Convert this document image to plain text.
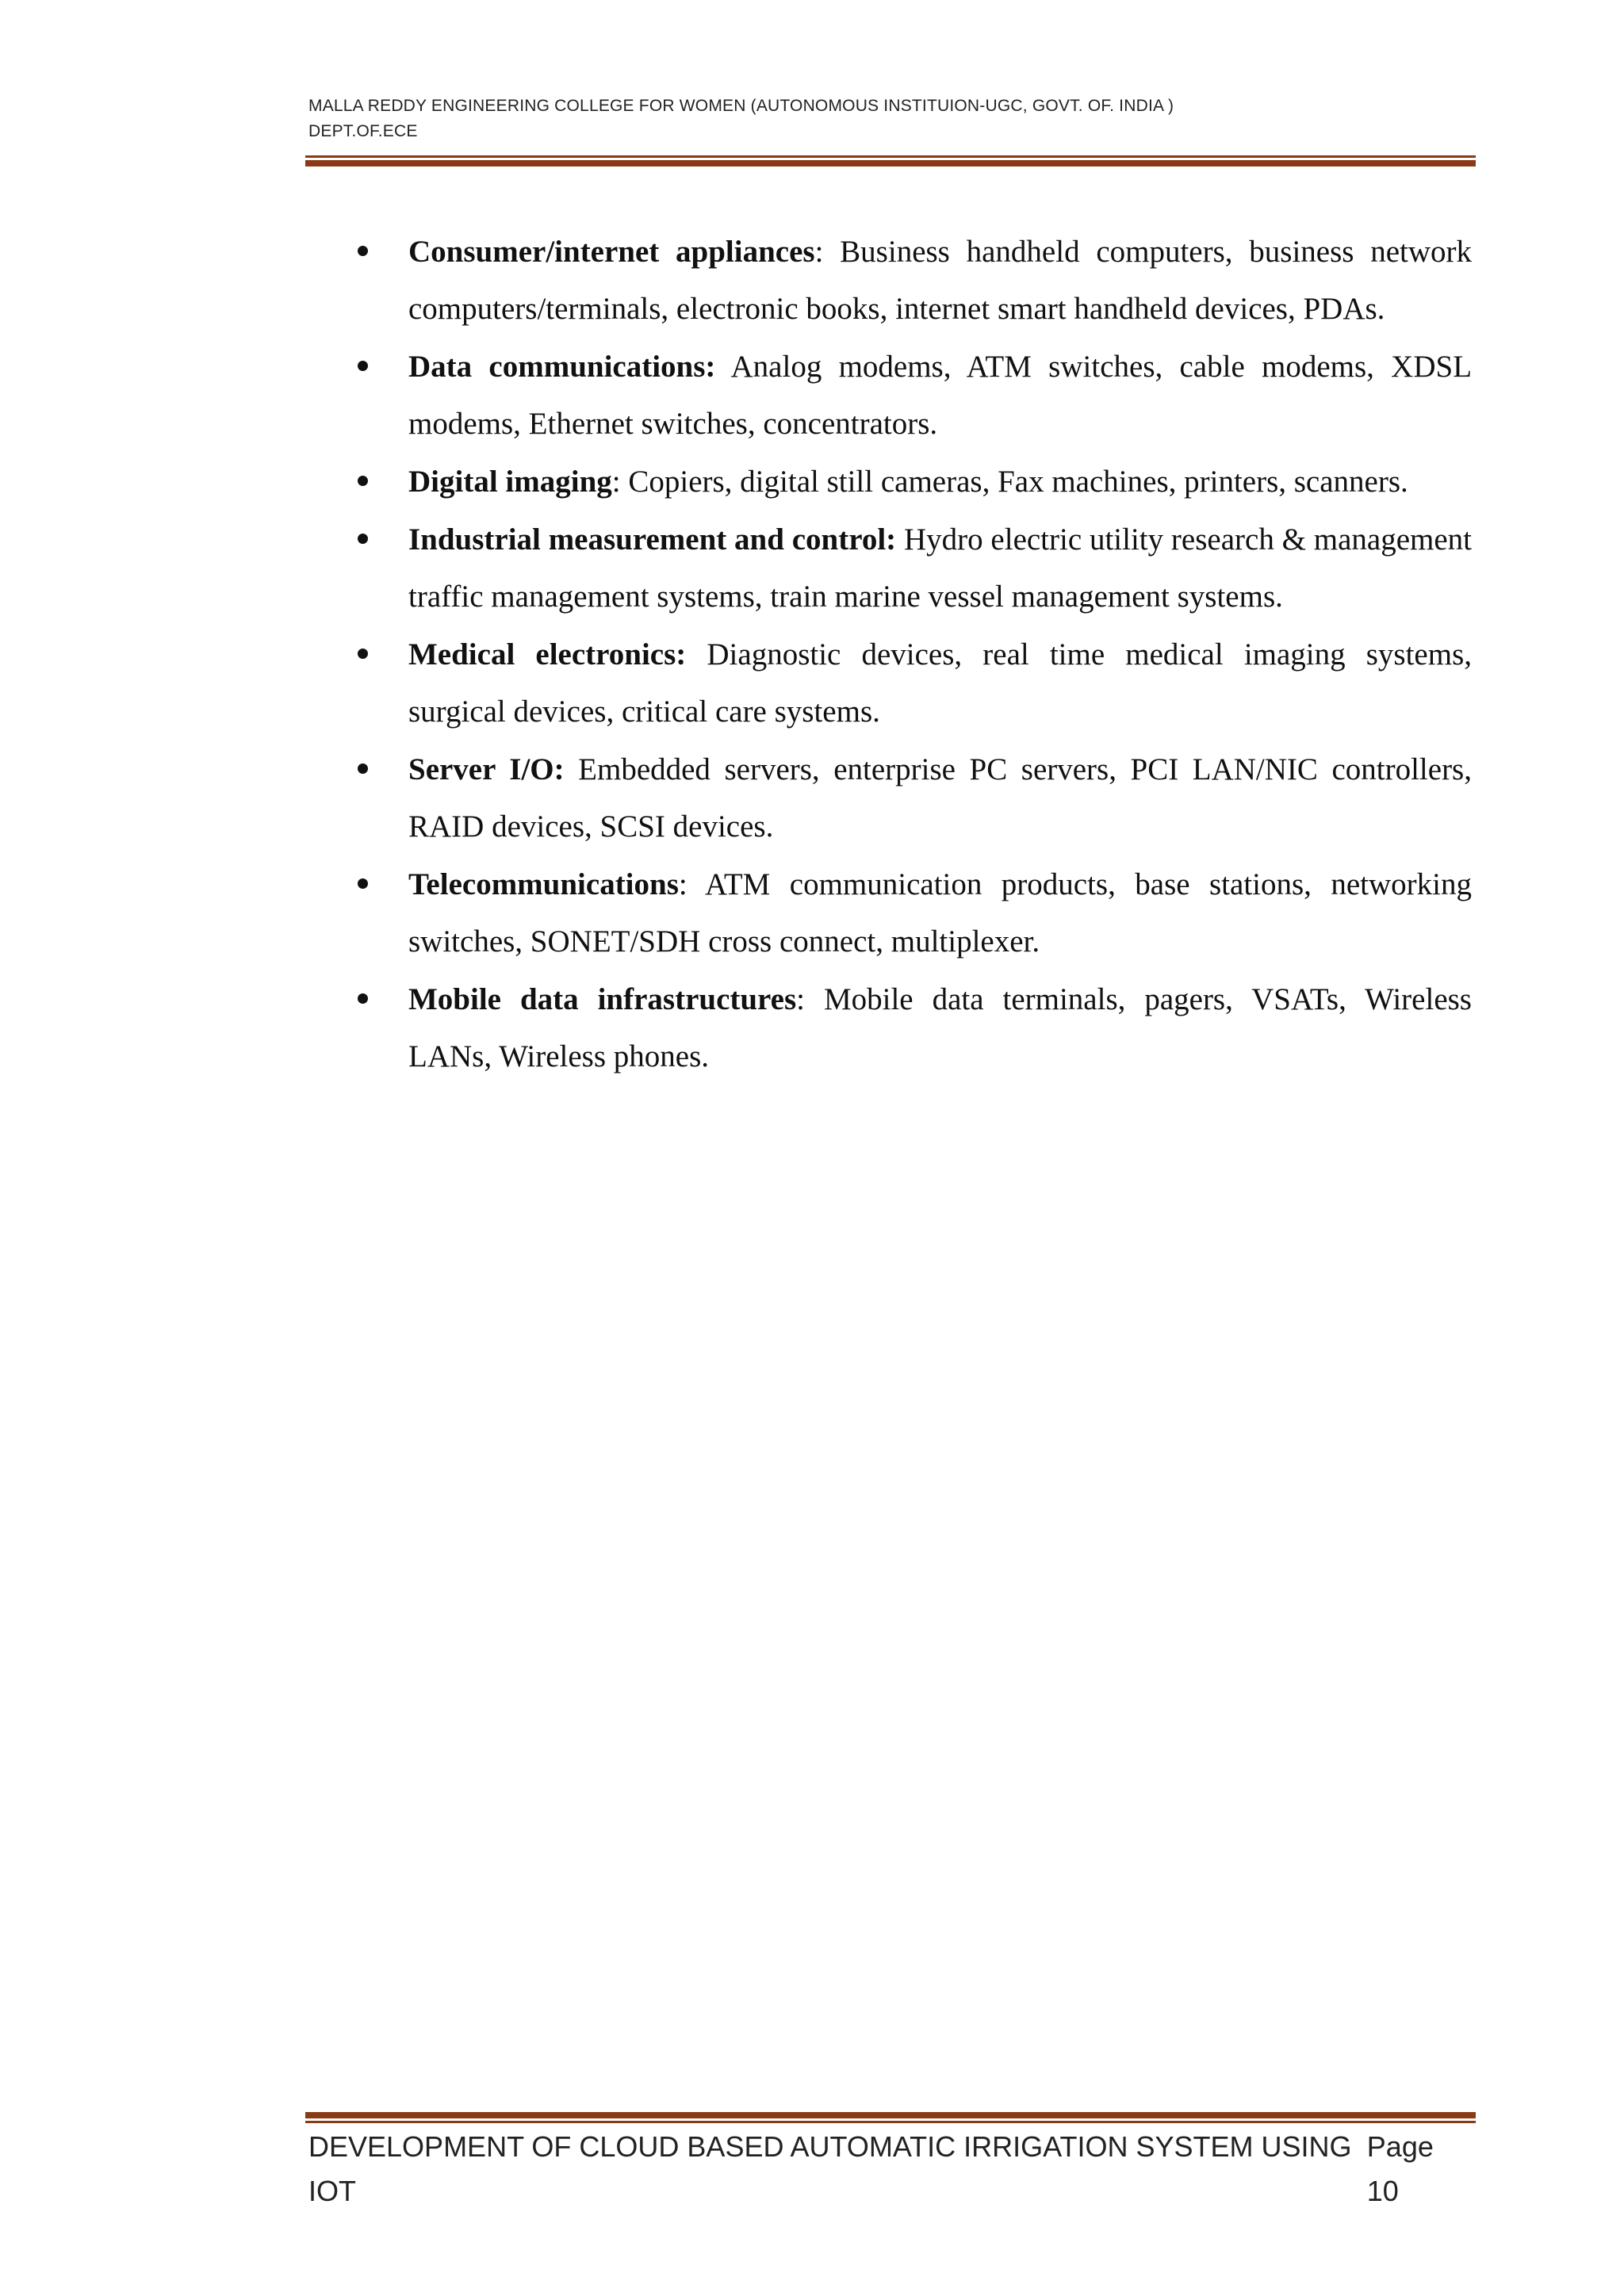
MALLA REDDY ENGINEERING COLLEGE FOR WOMEN (AUTONOMOUS INSTITUION-UGC, GOVT. OF. INDIA )
DEPT.OF.ECE
Consumer/internet appliances: Business handheld computers, business network computers/terminals, electronic books, internet smart handheld devices, PDAs.
Data communications: Analog modems, ATM switches, cable modems, XDSL modems, Ethernet switches, concentrators.
Digital imaging: Copiers, digital still cameras, Fax machines, printers, scanners.
Industrial measurement and control: Hydro electric utility research & management traffic management systems, train marine vessel management systems.
Medical electronics: Diagnostic devices, real time medical imaging systems, surgical devices, critical care systems.
Server I/O: Embedded servers, enterprise PC servers, PCI LAN/NIC controllers, RAID devices, SCSI devices.
Telecommunications: ATM communication products, base stations, networking switches, SONET/SDH cross connect, multiplexer.
Mobile data infrastructures: Mobile data terminals, pagers, VSATs, Wireless LANs, Wireless phones.
DEVELOPMENT OF CLOUD BASED AUTOMATIC IRRIGATION SYSTEM USING IOT
Page 10
